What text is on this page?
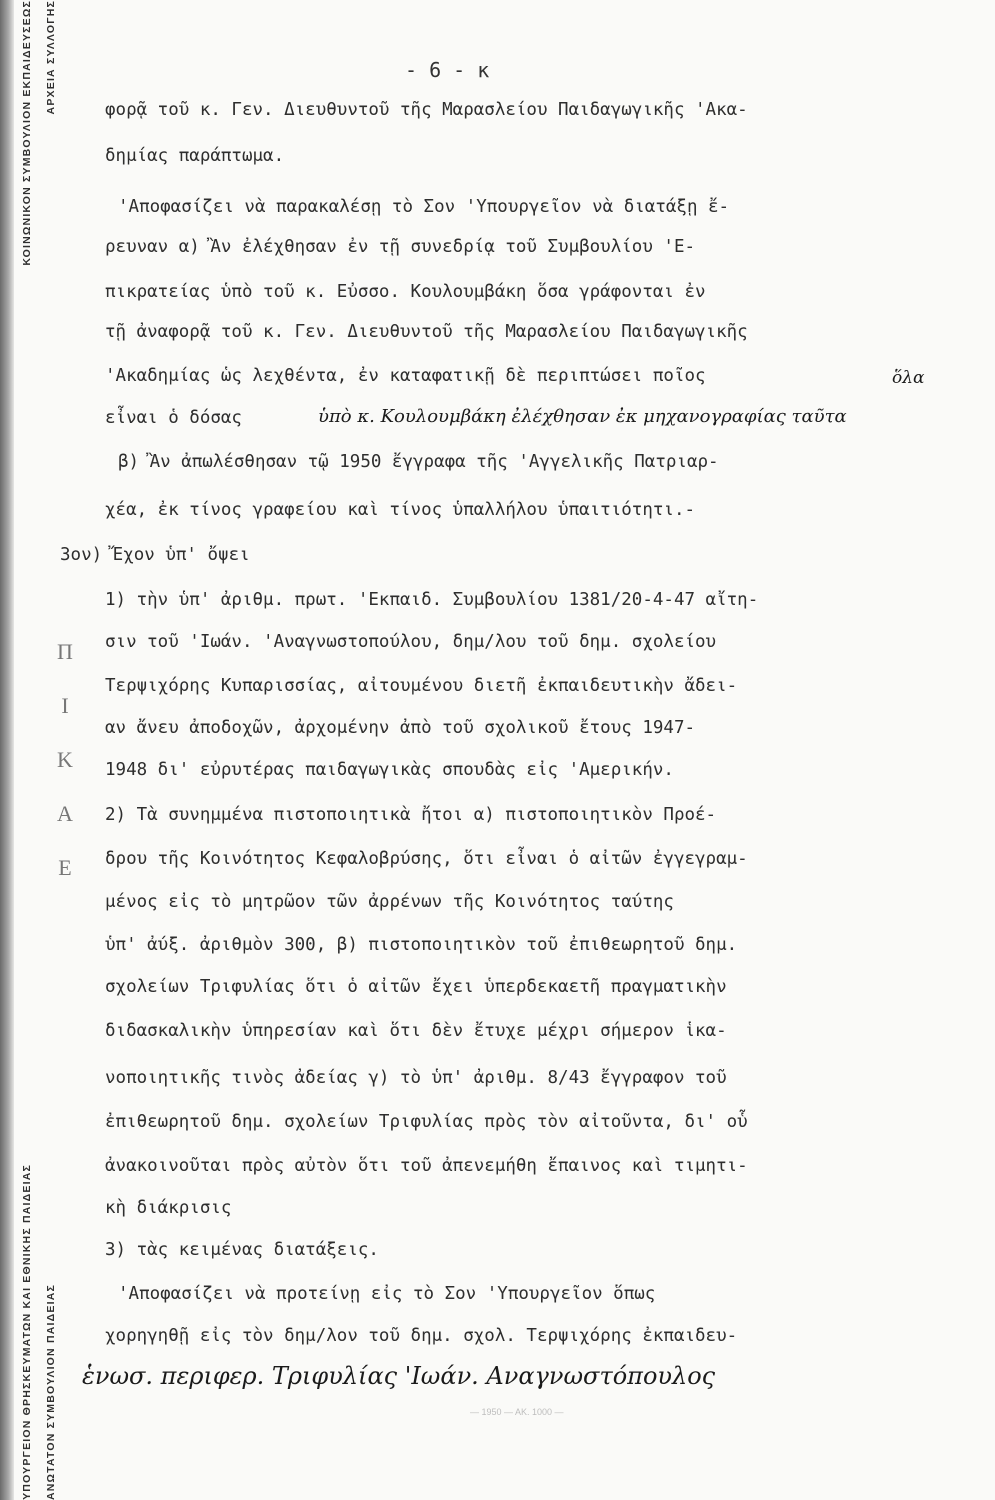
ΚΟΙΝΩΝΙΚΟΝ ΣΥΜΒΟΥΛΙΟΝ ΕΚΠΑΙΔΕΥΣΕΩΣ
ΥΠΟΥΡΓΕΙΟΝ ΘΡΗΣΚΕΥΜΑΤΩΝ ΚΑΙ ΕΘΝΙΚΗΣ ΠΑΙΔΕΙΑΣ
ΑΡΧΕΙΑ ΣΥΛΛΟΓΗΣ
ΑΝΩΤΑΤΟΝ ΣΥΜΒΟΥΛΙΟΝ ΠΑΙΔΕΙΑΣ
Π
Ι
Κ
Α
Ε
- 6 - κ
φορᾷ τοῦ κ. Γεν. Διευθυντοῦ τῆς Μαρασλείου Παιδαγωγικῆς 'Ακα-
δημίας παράπτωμα.
'Αποφασίζει νὰ παρακαλέσῃ τὸ Σον 'Υπουργεῖον νὰ διατάξῃ ἔ-
ρευναν α) Ἂν ἐλέχθησαν ἐν τῇ συνεδρίᾳ τοῦ Συμβουλίου 'Ε-
πικρατείας ὑπὸ τοῦ κ. Εὐσσο. Κουλουμβάκη ὅσα γράφονται ἐν
τῇ ἀναφορᾷ τοῦ κ. Γεν. Διευθυντοῦ τῆς Μαρασλείου Παιδαγωγικῆς
'Ακαδημίας ὡς λεχθέντα, ἐν καταφατικῇ δὲ περιπτώσει ποῖος
εἶναι ὁ δόσας
β) Ἂν ἀπωλέσθησαν τῷ 1950 ἔγγραφα τῆς 'Αγγελικῆς Πατριαρ-
χέα, ἐκ τίνος γραφείου καὶ τίνος ὑπαλλήλου ὑπαιτιότητι.-
3ον) Ἔχον ὑπ' ὄψει
1) τὴν ὑπ' ἀριθμ. πρωτ. 'Εκπαιδ. Συμβουλίου 1381/20-4-47 αἴτη-
σιν τοῦ 'Ιωάν. 'Αναγνωστοπούλου, δημ/λου τοῦ δημ. σχολείου
Τερψιχόρης Κυπαρισσίας, αἰτουμένου διετῆ ἐκπαιδευτικὴν ἄδει-
αν ἄνευ ἀποδοχῶν, ἀρχομένην ἀπὸ τοῦ σχολικοῦ ἔτους 1947-
1948 δι' εὐρυτέρας παιδαγωγικὰς σπουδὰς εἰς 'Αμερικήν.
2) Τὰ συνημμένα πιστοποιητικὰ ἤτοι α) πιστοποιητικὸν Προέ-
δρου τῆς Κοινότητος Κεφαλοβρύσης, ὅτι εἶναι ὁ αἰτῶν ἐγγεγραμ-
μένος εἰς τὸ μητρῶον τῶν ἀρρένων τῆς Κοινότητος ταύτης
ὑπ' ἀύξ. ἀριθμὸν 300, β) πιστοποιητικὸν τοῦ ἐπιθεωρητοῦ δημ.
σχολείων Τριφυλίας ὅτι ὁ αἰτῶν ἔχει ὑπερδεκαετῆ πραγματικὴν
διδασκαλικὴν ὑπηρεσίαν καὶ ὅτι δὲν ἔτυχε μέχρι σήμερον ἱκα-
νοποιητικῆς τινὸς ἀδείας γ) τὸ ὑπ' ἀριθμ. 8/43 ἔγγραφον τοῦ
ἐπιθεωρητοῦ δημ. σχολείων Τριφυλίας πρὸς τὸν αἰτοῦντα, δι' οὗ
ἀνακοινοῦται πρὸς αὐτὸν ὅτι τοῦ ἀπενεμήθη ἔπαινος καὶ τιμητι-
κὴ διάκρισις
3) τὰς κειμένας διατάξεις.
'Αποφασίζει νὰ προτείνῃ εἰς τὸ Σον 'Υπουργεῖον ὅπως
χορηγηθῇ εἰς τὸν δημ/λον τοῦ δημ. σχολ. Τερψιχόρης ἐκπαιδευ-
ὅλα
ὑπὸ κ. Κουλουμβάκη ἐλέχθησαν ἐκ μηχανογραφίας ταῦτα
ἑνωσ. περιφερ. Τριφυλίας 'Ιωάν. Αναγνωστόπουλος
— 1950 — ΑΚ. 1000 —
